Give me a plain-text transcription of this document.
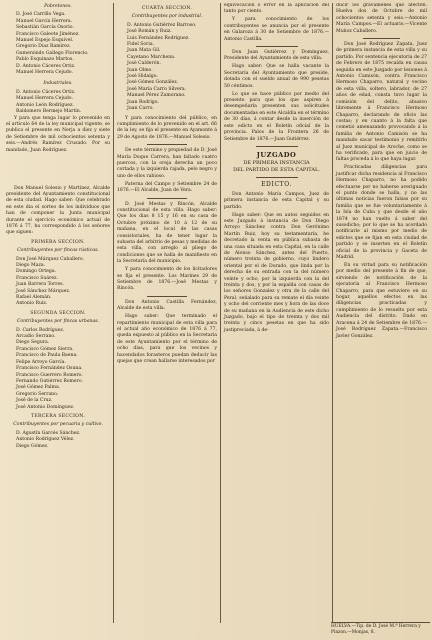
Pobretones.
D. José Carrillo Vega.
Manuel García Herrera.
Sebastián García Osorio.
Francisco Galeote Jiménez.
Manuel Espejo Esquivel.
Gregorio Díaz Ramírez.
Gumersindo Gallego Florencio.
Pablo Esquinazo Martos.
D. Antonio Cáceres Ortiz.
Manuel Herrera Cejudo.
Industriales.
D. Antonio Cáceres Ortiz.
Manuel Herrera Cejudo.
Antonio León Rodríguez.
Baldomero Bermejo Martín.

Y para que tenga lugar lo prevenido en el artículo 64 de la ley municipal vigente, se publica el presente en Nerja a diez y siete de Setiembre de mil ochocientos setenta y seis.—Andrés Ramírez Crusado. Por su mandado, Juan Rodríguez.

Don Manuel Solesio y Martínez, Alcalde presidente del Ayuntamiento constitucional de esta ciudad. Hago saber: Que celebrado en este dia el sorteo de los individuos que han de componer la Junta municipal durante el ejercicio económico actual de 1876 á 77, ha correspondido á los señores que siguen:

PRIMERA SECCION.
Contribuyentes por fincas rústicas.
Don José Márquez Caballero.
Diego Maza.
Domingo Ortega.
Francisco Suárez.
Juan Barrera Torres.
José Sánchez Márquez.
Rafael Alemán.
Antonio Ruiz.
SEGUNDA SECCION.
Contribuyentes por fincas urbanas.
D. Carlos Rodríguez.
Arcadio Serrano.
Diego Segura.
Francisco Gómez Sierra.
Francisco de Paula Baena.
Felipe Arroyo García.
Francisco Fernández Osuna.
Francisco Guerrero Romero.
Fernando Gutiérrez Romero.
José Gómez Palma.
Gregorio Serrano.
José de la Cruz.
José Antonio Domínguez.
TERCERA SECCION.
Contribuyentes por pecuaria y cultivo.
D. Agustín Garcés Sánchez.
Antonio Rodríguez Vélez.
Diego Gómez.
CUARTA SECCION.
Contribuyentes por industrial.
D. Antonio Gutiérrez Barroso.
José Román y Ruiz.
Luis Fernández Rodríguez.
Fidel Soria.
Juan Mata Gil.
Cayetano Marchena.
José Calderón.
Juan Olmo.
José Hidalgo.
José Gómez González.
José María Carro Silvera.
Manuel Pérez Zamorano.
Juan Rodrigo.
Juan Carro.

Y para conocimiento del público, en cumplimiento de lo prevenido en el art. 66 de la ley, se fija el presente en Ayamonte á 29 de Agosto de 1876.—Manuel Solesio.

De este término y propiedad de D. José María Duque Carrera, han faltado cuatro puercos, con la oreja derecha un poco cortada y la izquierda rajada, pelo negro y uno de ellos rabioso.

Paterna del Campo y Setiembre 24 de 1876.—El Alcalde, Juan de Vera.

D. José Mestas y Rincón, Alcalde constitucional de esta villa. Hago saber: Que los dias 8 15 y 16 en su casa de Octubre próximo de 10 á 12 de su mañana, en el local de las casas consistoriales, ha de tener lugar la subasta del arbitrio de pesas y medidas de esta villa, con arreglo al pliego de condiciones que se halla de manifiesto en la Secretaría del municipio.

Y para conocimiento de los licitadores se fija el presente. Los Marines 29 de Setiembre de 1876.—José Mestas y Rincón.

Don Antonio Castilla Fernández, Alcalde de esta villa.

Hago saber: Que terminado el repartimiento municipal de esta villa para el actual año económico de 1876 á 77, queda expuesto al público en la Secretaría de este Ayuntamiento por el término de ocho dias, para que los vecinos y hacendados forasteros puedan deducir las quejas que crean hallarse interesados por

equivocación ó error en la aplicación del tanto por ciento.

Y para conocimiento de los contribuyentes se anuncia por el presente en Galaroza á 30 de Setiembre de 1876.—Antonio Castilla.

Don Juan Gutiérrez y Domínguez, Presidente del Ayuntamiento de esta villa.

Hago saber: Que se halla vacante la Secretaría del Ayuntamiento que preside, dotada con el sueldo anual de 990 pesetas 50 céntimos.

Lo que se hace público por medio del presente para que los que aspiren á desempeñarla presenten sus solicitudes documentadas en este Alcaldía en el término de 30 días, á contar desde la inserción de este edicto en el Boletín oficial de la provincia. Palos de la Frontera 26 de Setiembre de 1876.—Juan Gutiérrez.

JUZGADO
DE PRIMERA INSTANCIA
DEL PARTIDO DE ESTA CAPITAL.
EDICTO.

Don Antonio María Campos, Juez de primera instancia de esta Capital y su partido.

Hago saber: Que en autos seguidos en este Juzgado á instancia de Don Diego Arroyo Sánchez contra Don Gerónimo Martín Ruiz, hoy su testamentaría, he decretado la venta en pública subasta de una casa situada en esta Capital, en la calle de Alonso Sánchez, antes del Puerto, número treinta de gobierno, cuyo lindero oriental por el de Dorado, que linda por la derecha de su entrada con la del número veinte y ocho, por la izquierda con la del treinta y dos, y por la espalda con casas de los señores Gonzalez y otra de la calle del Peral, señalado para su remate el día veinte y ocho del corriente mes y hora de las doce de su mañana en la Audiencia de este dicho Juzgado, bajo el tipo de treinta y dos mil treinta y cinco pesetas en que ha sido justipreciada, á de-

ducir los gravámenes que afecten. Huelva dos de Octubre de mil ochocientos setenta y seis.—Antonio María Campos.—El actuario.—Vicente Muñoz Caballero.

Don José Rodríguez Zapata, Juez de primera instancia de esta villa y su partido. Por sentencia ejecutoria de 27 de Febrero de 1875 recaída en causa seguida en este Juzgado por lesiones á Antonio Camisón, contra Francisco Hermoso Chaparro, natural y vecino de esta villa, soltero, labrador, de 27 años de edad, consta tuvo lugar la comisión del delito, abusivo libremente á Francisco Hermoso Chaparro, declarando de oficio las costas; y en cuanto á la falta que cometió amenazando provocando á la familia de Antonio Camisón se ha mandado sacar testimonio y remitirlo al Juez municipal de Aroche, como se ha verificado, para que en juicio de faltas proceda á lo que haya lugar.

Practicadas diligencias para justificar dicha residencia al Francisco Hermoso Chaparro, no ha podido efectuarse por no haberse averiguado el punto donde se halla, y no las últimas noticias fueron falsas por su familia que se fue voluntariamente á la Isla de Cuba y que desde el año 1874 no han vuelto á saber del susodicho; por lo que se ha acordado notificarle al mismo por medio de edictos que se fijan en esta ciudad de partido y se inserten en el Boletín oficial de la provincia y Gaceta de Madrid.

En su virtud para su notificación por medio del presente á fin de que, sirviendo de notificación de la ejecutoria al Francisco Hermoso Chaparro, para que estuviere en su hogar, aquellos efectos en las diligencias practicadas y cumplimiento de lo resuelto por esta Audiencia del distrito. Dado en Aracena á 24 de Setiembre de 1876.—José Rodríguez Zapata.—Francisco Javier González.

HUELVA.—Tip. de D. José M.ª Herrera y Pinzon.—Monjas, 8.
